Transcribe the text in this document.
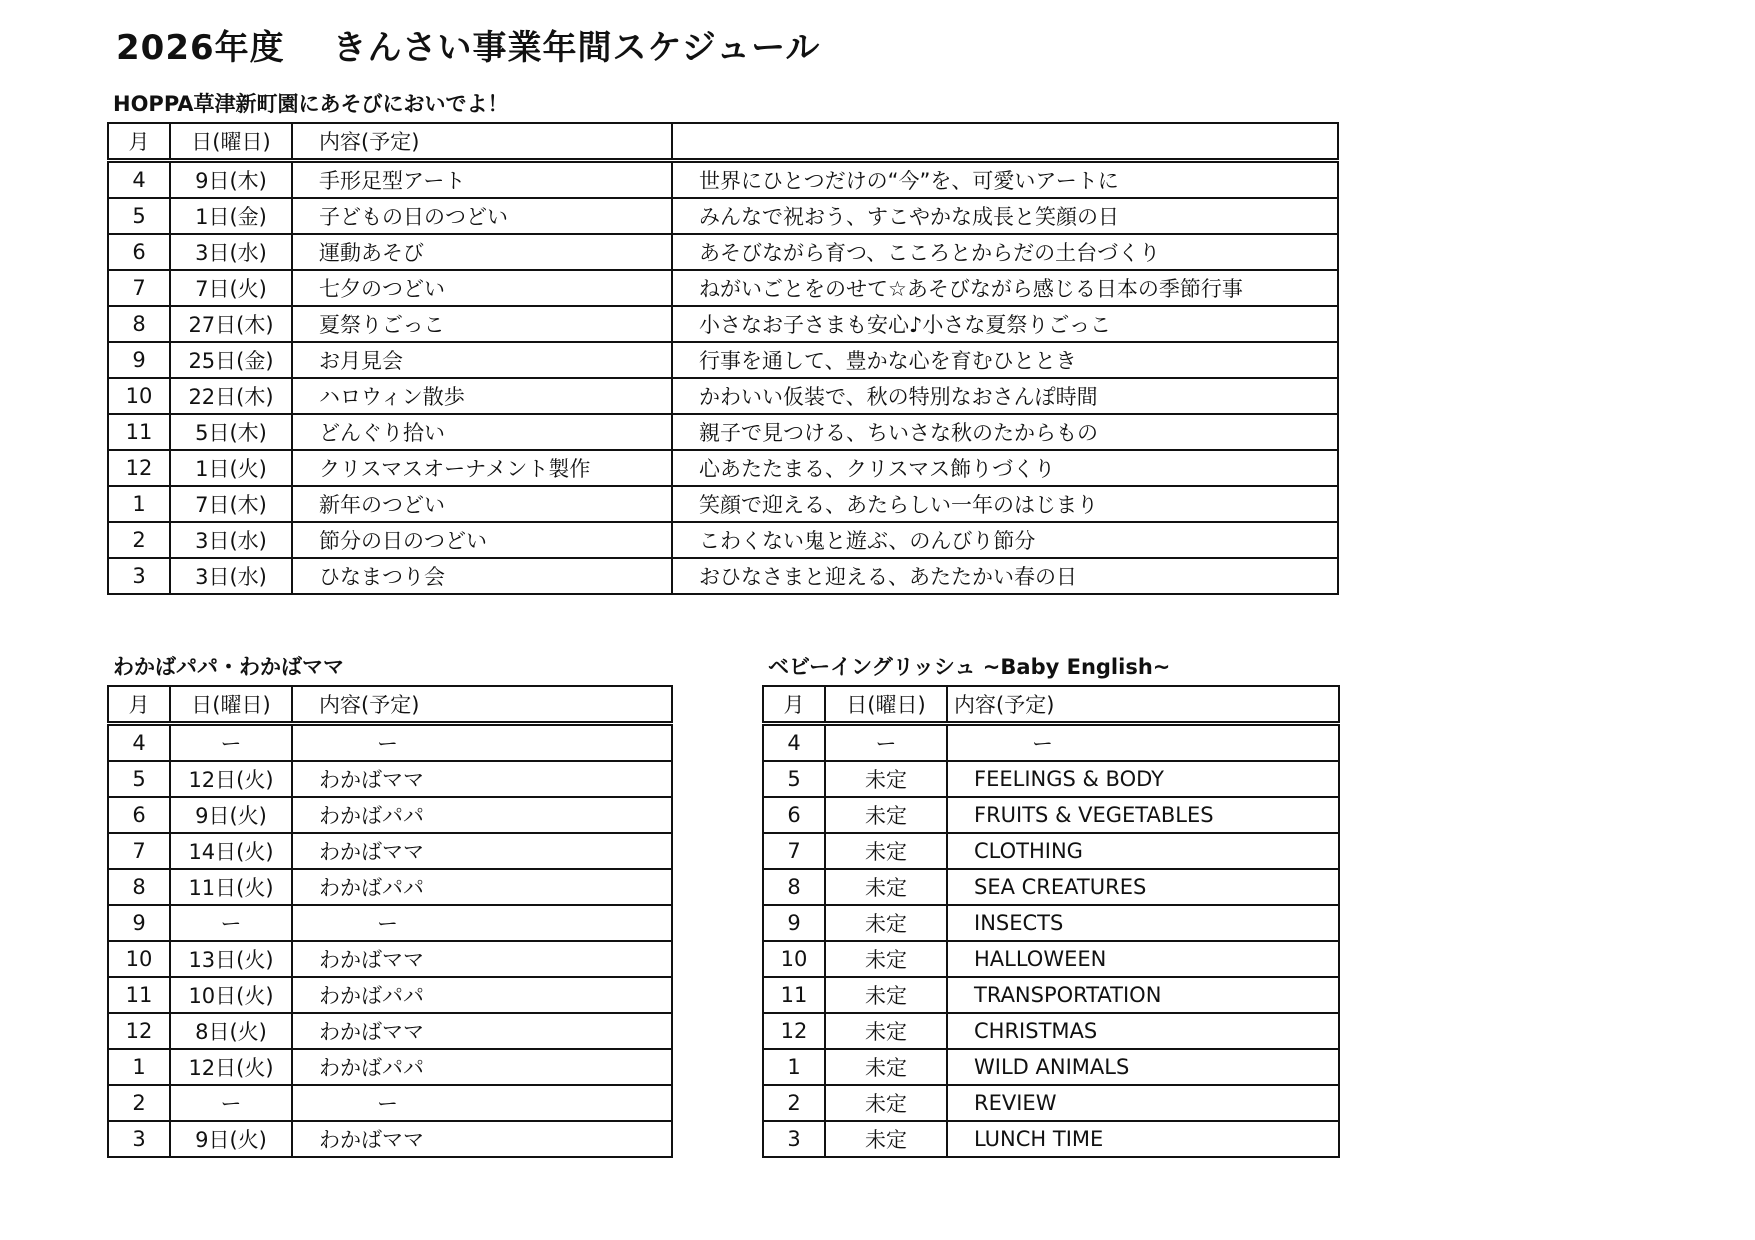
2026年度　 きんさい事業年間スケジュール
HOPPA草津新町園にあそびにおいでよ！
月	日(曜日)	内容(予定)	
4	9日(木)	手形足型アート	世界にひとつだけの“今”を、可愛いアートに
5	1日(金)	子どもの日のつどい	みんなで祝おう、すこやかな成長と笑顔の日
6	3日(水)	運動あそび	あそびながら育つ、こころとからだの土台づくり
7	7日(火)	七夕のつどい	ねがいごとをのせて☆あそびながら感じる日本の季節行事
8	27日(木)	夏祭りごっこ	小さなお子さまも安心♪小さな夏祭りごっこ
9	25日(金)	お月見会	行事を通して、豊かな心を育むひととき
10	22日(木)	ハロウィン散歩	かわいい仮装で、秋の特別なおさんぽ時間
11	5日(木)	どんぐり拾い	親子で見つける、ちいさな秋のたからもの
12	1日(火)	クリスマスオーナメント製作	心あたたまる、クリスマス飾りづくり
1	7日(木)	新年のつどい	笑顔で迎える、あたらしい一年のはじまり
2	3日(水)	節分の日のつどい	こわくない鬼と遊ぶ、のんびり節分
3	3日(水)	ひなまつり会	おひなさまと迎える、あたたかい春の日
わかばパパ・わかばママ
月	日(曜日)	内容(予定)
4	ー	ー
5	12日(火)	わかばママ
6	9日(火)	わかばパパ
7	14日(火)	わかばママ
8	11日(火)	わかばパパ
9	ー	ー
10	13日(火)	わかばママ
11	10日(火)	わかばパパ
12	8日(火)	わかばママ
1	12日(火)	わかばパパ
2	ー	ー
3	9日(火)	わかばママ
ベビーイングリッシュ ~Baby English~
月	日(曜日)	内容(予定)
4	ー	ー
5	未定	FEELINGS & BODY
6	未定	FRUITS & VEGETABLES
7	未定	CLOTHING
8	未定	SEA CREATURES
9	未定	INSECTS
10	未定	HALLOWEEN
11	未定	TRANSPORTATION
12	未定	CHRISTMAS
1	未定	WILD ANIMALS
2	未定	REVIEW
3	未定	LUNCH TIME
